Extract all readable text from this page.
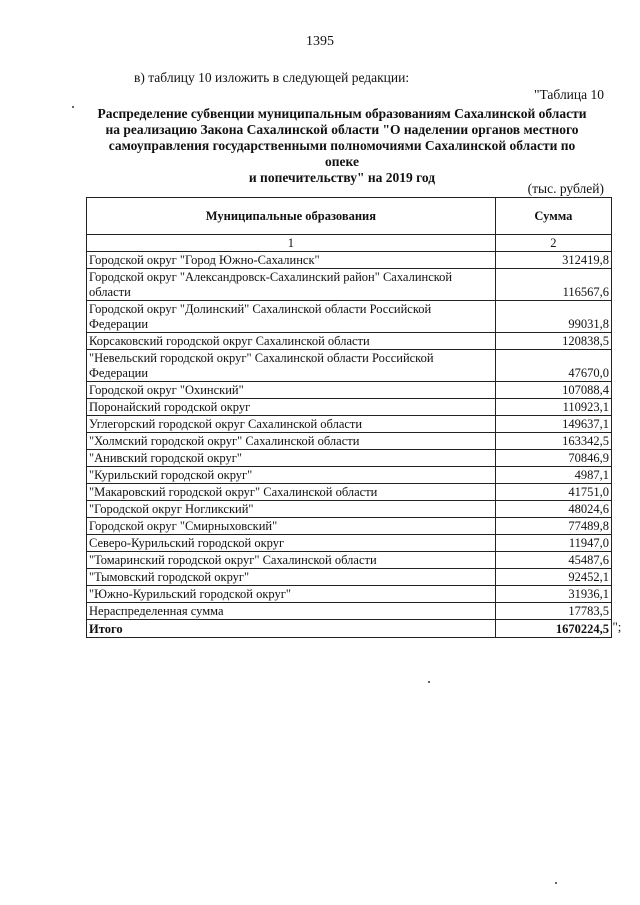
1395
в) таблицу 10 изложить в следующей редакции:
"Таблица 10
Распределение субвенции муниципальным образованиям Сахалинской области
на реализацию Закона Сахалинской области "О наделении органов местного
самоуправления государственными полномочиями Сахалинской области по опеке
и попечительству" на 2019 год
(тыс. рублей)
Муниципальные образования	Сумма
1	2
Городской округ "Город Южно-Сахалинск"	312419,8
Городской округ "Александровск-Сахалинский район" Сахалинской области	116567,6
Городской округ "Долинский" Сахалинской области Российской Федерации	99031,8
Корсаковский городской округ Сахалинской области	120838,5
"Невельский городской округ" Сахалинской области Российской Федерации	47670,0
Городской округ "Охинский"	107088,4
Поронайский городской округ	110923,1
Углегорский городской округ Сахалинской области	149637,1
"Холмский городской округ" Сахалинской области	163342,5
"Анивский городской округ"	70846,9
"Курильский городской округ"	4987,1
"Макаровский городской округ" Сахалинской области	41751,0
"Городской округ Ногликский"	48024,6
Городской округ "Смирныховский"	77489,8
Северо-Курильский городской округ	11947,0
"Томаринский городской округ" Сахалинской области	45487,6
"Тымовский городской округ"	92452,1
"Южно-Курильский городской округ"	31936,1
Нераспределенная сумма	17783,5
Итого	1670224,5 ";
